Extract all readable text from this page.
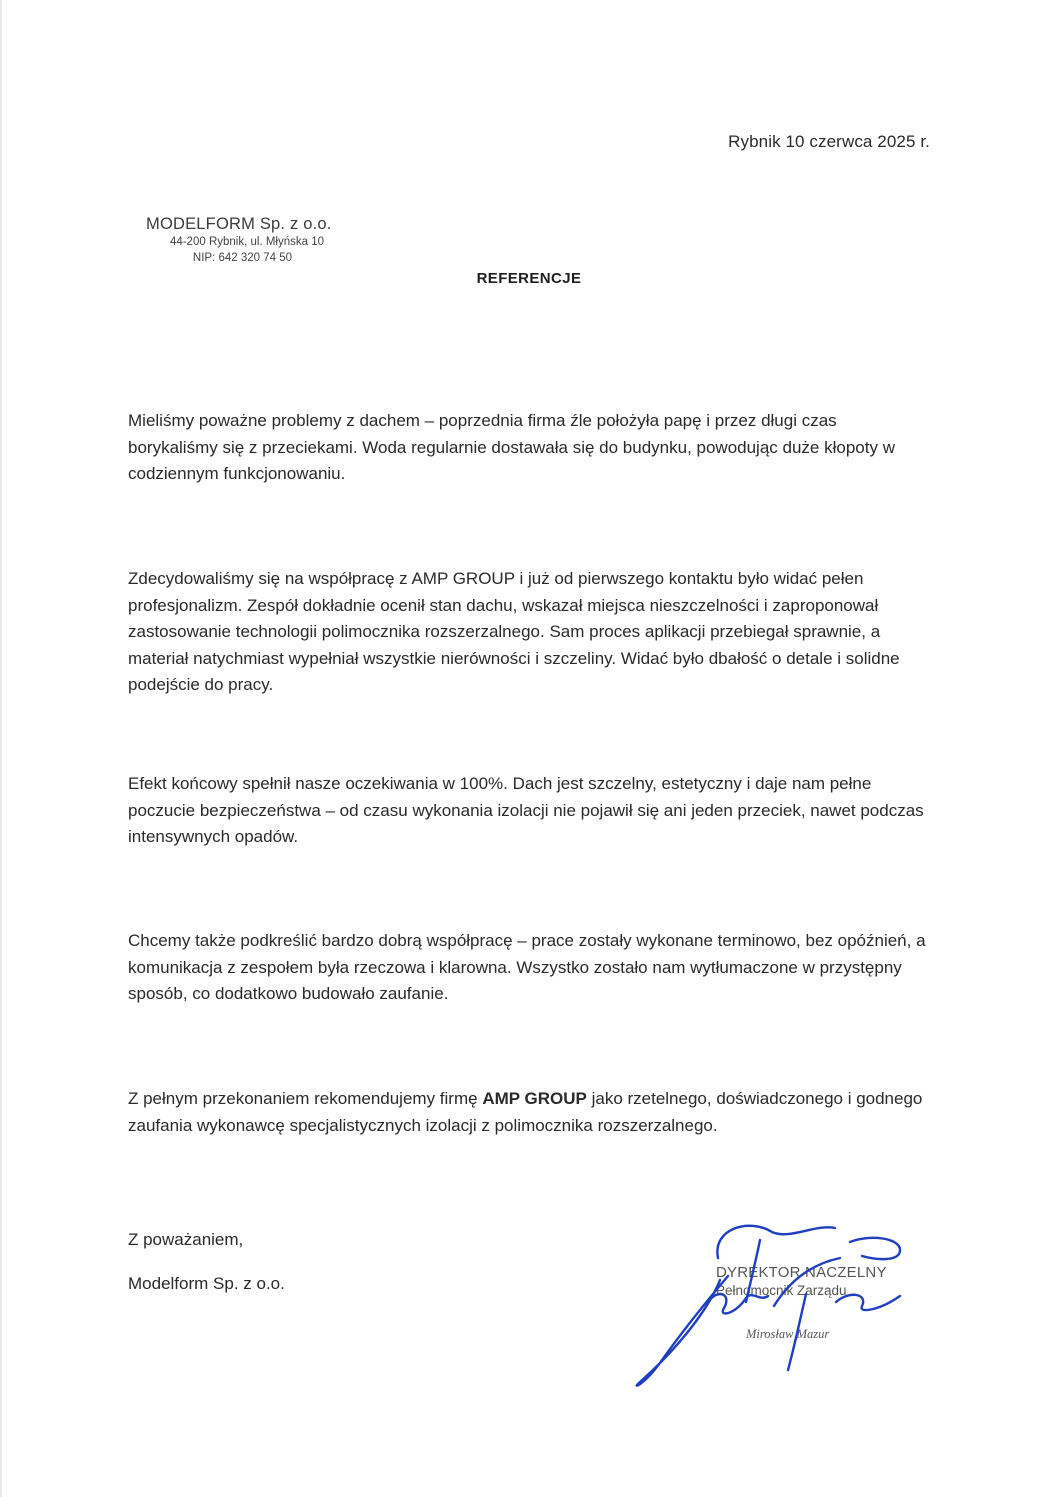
Rybnik 10 czerwca 2025 r.
MODELFORM Sp. z o.o.
44-200 Rybnik, ul. Młyńska 10
NIP: 642 320 74 50
REFERENCJE

Mieliśmy poważne problemy z dachem – poprzednia firma źle położyła papę i przez długi czas borykaliśmy się z przeciekami. Woda regularnie dostawała się do budynku, powodując duże kłopoty w codziennym funkcjonowaniu.

Zdecydowaliśmy się na współpracę z AMP GROUP i już od pierwszego kontaktu było widać pełen profesjonalizm. Zespół dokładnie ocenił stan dachu, wskazał miejsca nieszczelności i zaproponował zastosowanie technologii polimocznika rozszerzalnego. Sam proces aplikacji przebiegał sprawnie, a materiał natychmiast wypełniał wszystkie nierówności i szczeliny. Widać było dbałość o detale i solidne podejście do pracy.

Efekt końcowy spełnił nasze oczekiwania w 100%. Dach jest szczelny, estetyczny i daje nam pełne poczucie bezpieczeństwa – od czasu wykonania izolacji nie pojawił się ani jeden przeciek, nawet podczas intensywnych opadów.

Chcemy także podkreślić bardzo dobrą współpracę – prace zostały wykonane terminowo, bez opóźnień, a komunikacja z zespołem była rzeczowa i klarowna. Wszystko zostało nam wytłumaczone w przystępny sposób, co dodatkowo budowało zaufanie.

Z pełnym przekonaniem rekomendujemy firmę AMP GROUP jako rzetelnego, doświadczonego i godnego zaufania wykonawcę specjalistycznych izolacji z polimocznika rozszerzalnego.

Z poważaniem,
Modelform Sp. z o.o.
DYREKTOR NACZELNY
Pełnomocnik Zarządu
Mirosław Mazur
